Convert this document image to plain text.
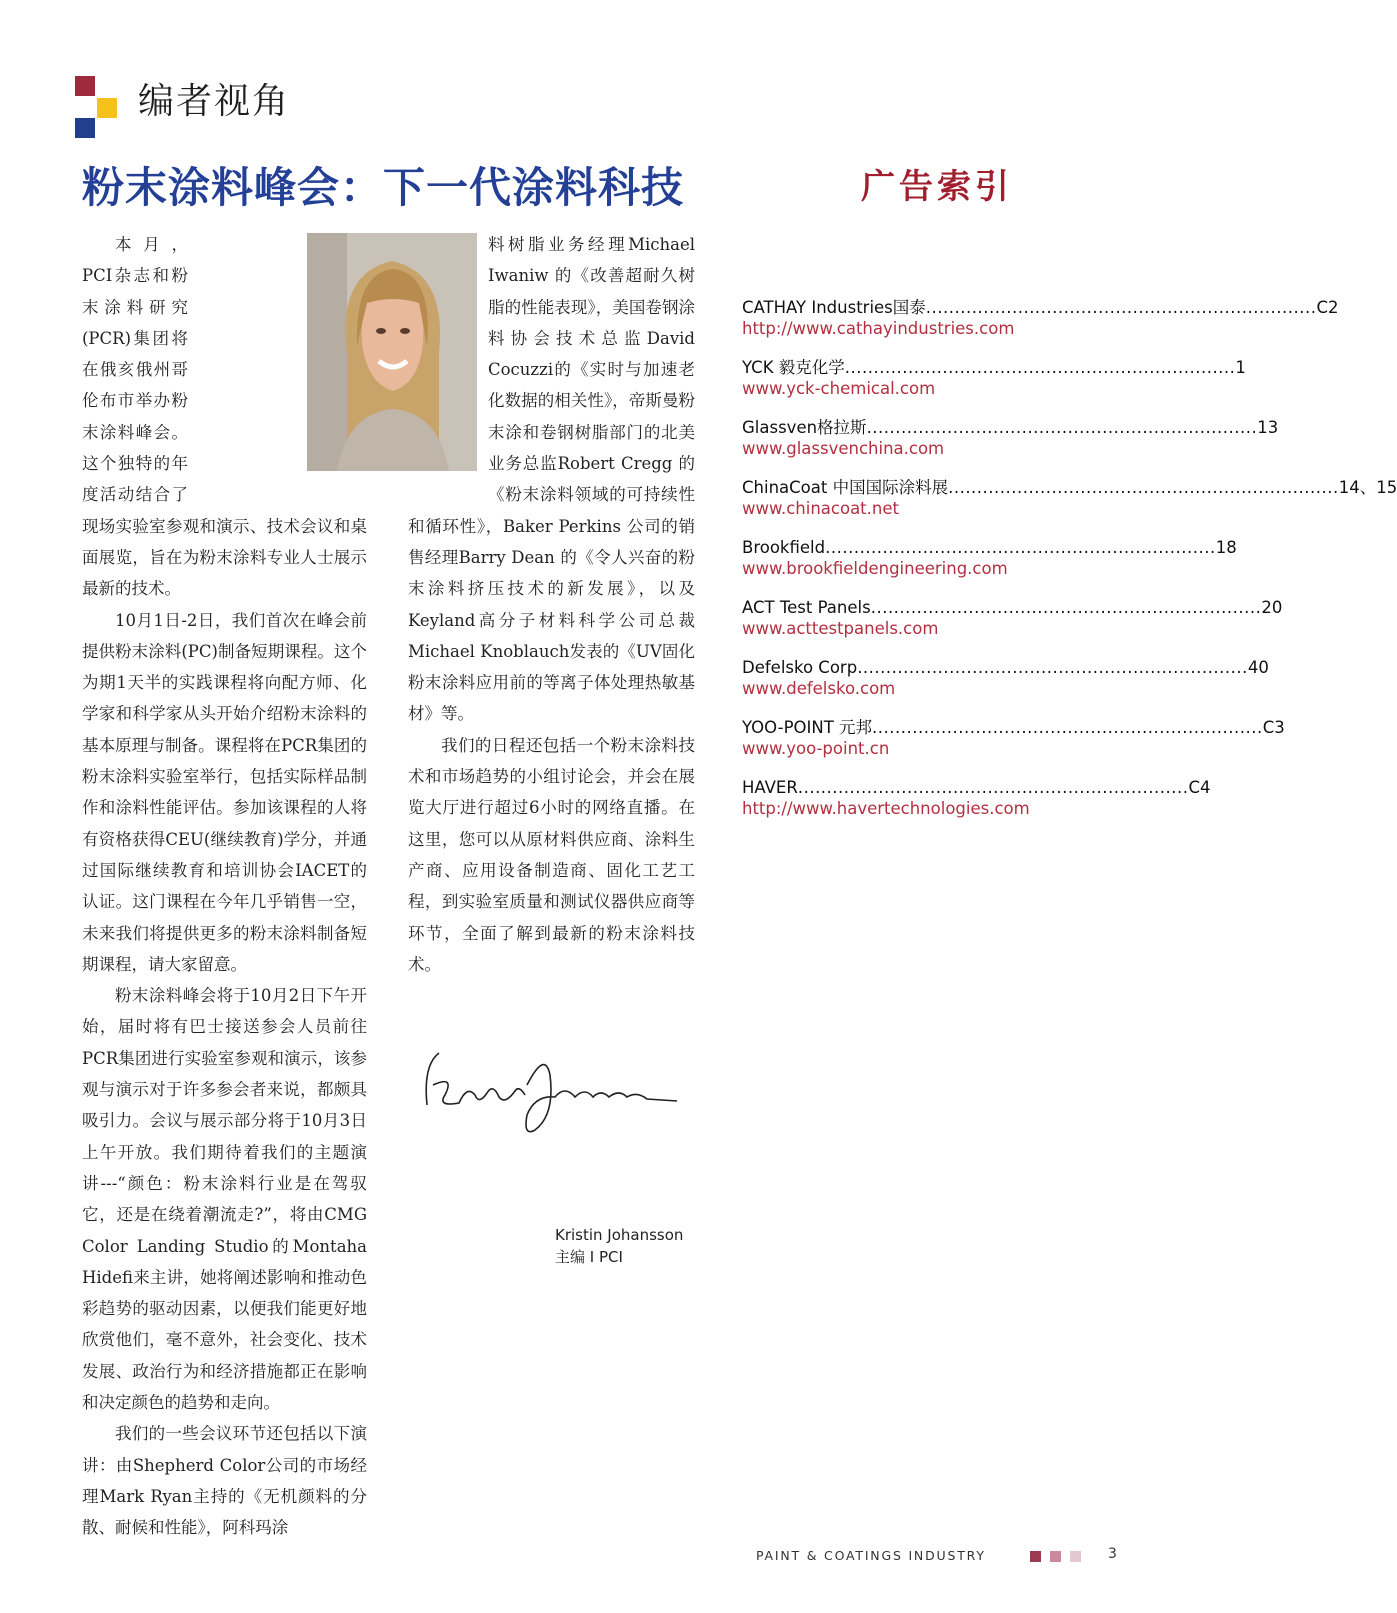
编者视角
粉末涂料峰会：下一代涂料科技

本月，PCI杂志和粉末涂料研究(PCR)集团将在俄亥俄州哥伦布市举办粉末涂料峰会。这个独特的年度活动结合了现场实验室参观和演示、技术会议和桌面展览，旨在为粉末涂料专业人士展示最新的技术。

10月1日-2日，我们首次在峰会前提供粉末涂料(PC)制备短期课程。这个为期1天半的实践课程将向配方师、化学家和科学家从头开始介绍粉末涂料的基本原理与制备。课程将在PCR集团的粉末涂料实验室举行，包括实际样品制作和涂料性能评估。参加该课程的人将有资格获得CEU(继续教育)学分，并通过国际继续教育和培训协会IACET的认证。这门课程在今年几乎销售一空，未来我们将提供更多的粉末涂料制备短期课程，请大家留意。

粉末涂料峰会将于10月2日下午开始，届时将有巴士接送参会人员前往PCR集团进行实验室参观和演示，该参观与演示对于许多参会者来说，都颇具吸引力。会议与展示部分将于10月3日上午开放。我们期待着我们的主题演讲---“颜色：粉末涂料行业是在驾驭它，还是在绕着潮流走?”，将由CMG Color Landing Studio的Montaha Hidefi来主讲，她将阐述影响和推动色彩趋势的驱动因素，以便我们能更好地欣赏他们，毫不意外，社会变化、技术发展、政治行为和经济措施都正在影响和决定颜色的趋势和走向。

我们的一些会议环节还包括以下演讲：由Shepherd Color公司的市场经理Mark Ryan主持的《无机颜料的分散、耐候和性能》，阿科玛涂

料树脂业务经理Michael Iwaniw 的《改善超耐久树脂的性能表现》，美国卷钢涂料协会技术总监David Cocuzzi的《实时与加速老化数据的相关性》，帝斯曼粉末涂和卷钢树脂部门的北美业务总监Robert Cregg 的《粉末涂料领域的可持续性和循环性》，Baker Perkins 公司的销售经理Barry Dean 的《令人兴奋的粉末涂料挤压技术的新发展》，以及Keyland高分子材料科学公司总裁Michael Knoblauch发表的《UV固化粉末涂料应用前的等离子体处理热敏基材》等。

我们的日程还包括一个粉末涂料技术和市场趋势的小组讨论会，并会在展览大厅进行超过6小时的网络直播。在这里，您可以从原材料供应商、涂料生产商、应用设备制造商、固化工艺工程，到实验室质量和测试仪器供应商等环节，全面了解到最新的粉末涂料技术。

Kristin Johansson

主编 I PCI

广告索引
CATHAY Industries国泰 .................................................................... C2
http://www.cathayindustries.com
YCK 毅克化学 .................................................................... 1
www.yck-chemical.com
Glassven格拉斯 .................................................................... 13
www.glassvenchina.com
ChinaCoat 中国国际涂料展 .................................................................... 14、15
www.chinacoat.net
Brookfield .................................................................... 18
www.brookfieldengineering.com
ACT Test Panels .................................................................... 20
www.acttestpanels.com
Defelsko Corp .................................................................... 40
www.defelsko.com
YOO-POINT 元邦 .................................................................... C3
www.yoo-point.cn
HAVER .................................................................... C4
http://www.havertechnologies.com
PAINT & COATINGS INDUSTRY	3
